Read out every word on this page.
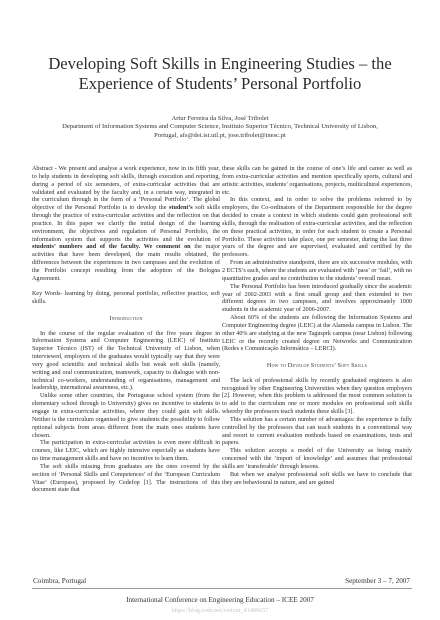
Developing Soft Skills in Engineering Studies – the
Experience of Students’ Personal Portfolio
Artur Ferreira da Silva, José Tribolet
Department of Information Systems and Computer Science, Instituto Superior Técnico, Technical University of Lisbon,
Portugal, afs@dei.ist.utl.pt, jose.tribolet@inesc.pt

Abstract - We present and analyse a work experience, now in its fifth year, to help students in developing soft skills, through execution and reporting, during a period of six semesters, of extra-curricular activities that are validated and evaluated by the faculty and, in a certain way, integrated in the curriculum through in the form of a ‘Personal Portfolio’. The global objective of the Personal Portfolio is to develop the student’s soft skills through the practice of extra-curricular activities and the reflection on that practice. In this paper we clarify the initial design of the learning environment, the objectives and regulation of Personal Portfolio, the information system that supports the activities and the evolution of students’ numbers and of the faculty. We comment on the major activities that have been developed, the main results obtained, the differences between the experiences in two campuses and the evolution of the Portfolio concept resulting from the adoption of the Bologna Agreement.

Key Words- learning by doing, personal portfolio, reflective practice, soft skills.

Introduction

In the course of the regular evaluation of the five years degree in Information Systems and Computer Engineering (LEIC) of Instituto Superior Técnico (IST) of the Technical University of Lisbon, when interviewed, employers of the graduates would typically say that they were very good scientific and technical skills but weak soft skills (namely, writing and oral communication, teamwork, capacity to dialogue with non- technical co-workers, understanding of organisations, management and leadership, international awareness, etc.).

Unlike some other countries, the Portuguese school system (from the elementary school through to University) gives no incentive to students to engage in extra-curricular activities, where they could gain soft skills. Neither is the curriculum organised to give students the possibility to follow optional subjects from areas different from the main ones students have chosen.

The participation in extra-curricular activities is even more difficult in courses, like LEIC, which are highly intensive especially as students have no time management skills and have no incentive to learn them.

The soft skills missing from graduates are the ones covered by the section of ‘Personal Skills and Competences’ of the ‘European Curriculum Vitae’ (Europass), proposed by Cedefop [1]. The instructions of this document state that

these skills can be gained in the course of one’s life and career as well as from extra-curricular activities and mention specifically sports, cultural and artistic activities, students’ organisations, projects, multicultural experiences, etc.

In this context, and in order to solve the problems referred to by employers, the Co-ordinators of the Department responsible for the degree decided to create a context in which students could gain professional soft skills, through the realisation of extra-curricular activities, and the reflection on these practical activities, in order for each student to create a Personal Portfolio. These activities take place, one per semester, during the last three years of the degree and are supervised, evaluated and certified by the professors.

From an administrative standpoint, there are six successive modules, with 2 ECTS’s each, where the students are evaluated with ‘pass’ or ‘fail’, with no quantitative grades and no contribution to the students’ overall mean.

The Personal Portfolio has been introduced gradually since the academic year of 2002-2003 with a first small group and then extended to two different degrees in two campuses, and involves approximately 1000 students in the academic year of 2006-2007.

About 60% of the students are following the Information Systems and Computer Engineering degree (LEIC) at the Alameda campus in Lisbon. The other 40% are studying at the new Tagusprk campus (near Lisbon) following LEIC or the recently created degree on Networks and Communication (Redes e Comunicação Informática – LERCI).

How to Develop Students’ Soft Skills

The lack of professional skills by recently graduated engineers is also recognised by other Engineering Universities when they question employers [2]. However, when this problem is addressed the most common solution is to add to the curriculum one or more modules on professional soft skills whereby the professors teach students these skills [3].

This solution has a certain number of advantages: the experience is fully controlled by the professors that can teach students in a conventional way and resort to current evaluation methods based on examinations, tests and papers.

This solution accepts a model of the University as being mainly concerned with the ‘import of knowledge’ and assumes that professional skills are ‘transferable’ through lessons.

But when we analyse professional soft skills we have to conclude that they are behavioural in nature, and are gained

Coimbra, Portugal	September 3 – 7, 2007
International Conference on Engineering Education – ICEE 2007
https://blog.csdn.net/weixin_41489657
